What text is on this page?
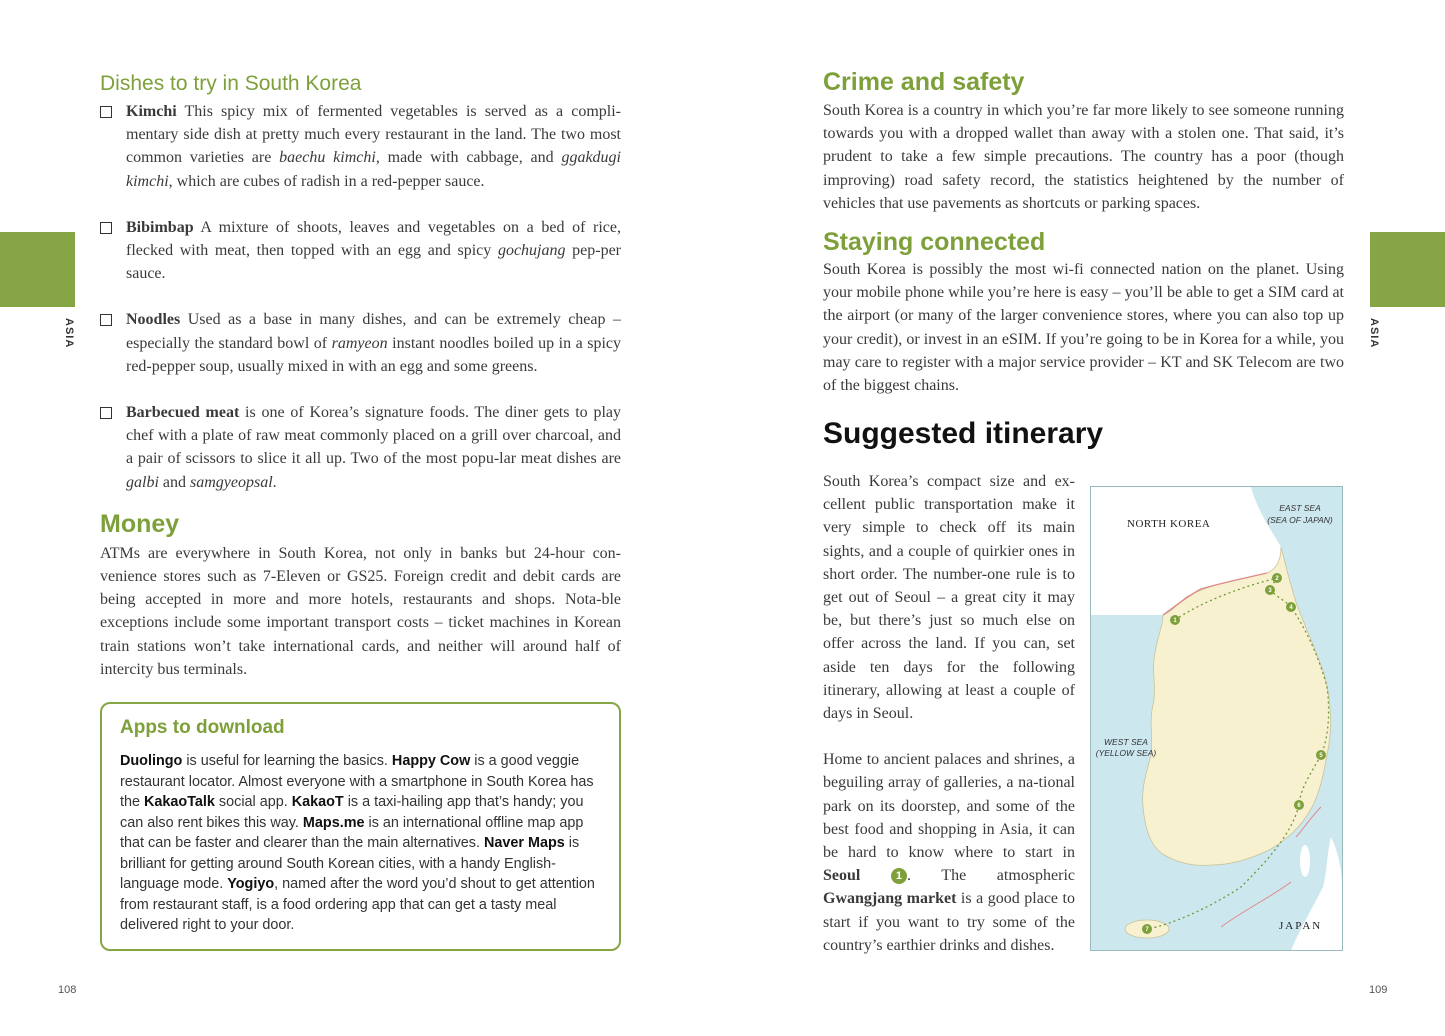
ASIA	ASIA
Dishes to try in South Korea

Kimchi This spicy mix of fermented vegetables is served as a compli-mentary side dish at pretty much every restaurant in the land. The two most common varieties are baechu kimchi, made with cabbage, and ggakdugi kimchi, which are cubes of radish in a red-pepper sauce.

Bibimbap A mixture of shoots, leaves and vegetables on a bed of rice, flecked with meat, then topped with an egg and spicy gochujang pep-per sauce.

Noodles Used as a base in many dishes, and can be extremely cheap – especially the standard bowl of ramyeon instant noodles boiled up in a spicy red-pepper soup, usually mixed in with an egg and some greens.

Barbecued meat is one of Korea’s signature foods. The diner gets to play chef with a plate of raw meat commonly placed on a grill over charcoal, and a pair of scissors to slice it all up. Two of the most popu-lar meat dishes are galbi and samgyeopsal.

Money

ATMs are everywhere in South Korea, not only in banks but 24-hour con-venience stores such as 7-Eleven or GS25. Foreign credit and debit cards are being accepted in more and more hotels, restaurants and shops. Nota-ble exceptions include some important transport costs – ticket machines in Korean train stations won’t take international cards, and neither will around half of intercity bus terminals.

Apps to download

Duolingo is useful for learning the basics. Happy Cow is a good veggie restaurant locator. Almost everyone with a smartphone in South Korea has the KakaoTalk social app. KakaoT is a taxi-hailing app that’s handy; you can also rent bikes this way. Maps.me is an international offline map app that can be faster and clearer than the main alternatives. Naver Maps is brilliant for getting around South Korean cities, with a handy English-language mode. Yogiyo, named after the word you’d shout to get attention from restaurant staff, is a food ordering app that can get a tasty meal delivered right to your door.

108
Crime and safety

South Korea is a country in which you’re far more likely to see someone running towards you with a dropped wallet than away with a stolen one. That said, it’s prudent to take a few simple precautions. The country has a poor (though improving) road safety record, the statistics heightened by the number of vehicles that use pavements as shortcuts or parking spaces.

Staying connected

South Korea is possibly the most wi-fi connected nation on the planet. Using your mobile phone while you’re here is easy – you’ll be able to get a SIM card at the airport (or many of the larger convenience stores, where you can also top up your credit), or invest in an eSIM. If you’re going to be in Korea for a while, you may care to register with a major service provider – KT and SK Telecom are two of the biggest chains.

Suggested itinerary

South Korea’s compact size and ex-cellent public transportation make it very simple to check off its main sights, and a couple of quirkier ones in short order. The number-one rule is to get out of Seoul – a great city it may be, but there’s just so much else on offer across the land. If you can, set aside ten days for the following itinerary, allowing at least a couple of days in Seoul.

Home to ancient palaces and shrines, a beguiling array of galleries, a na-tional park on its doorstep, and some of the best food and shopping in Asia, it can be hard to know where to start in Seoul	1 . The atmospheric Gwangjang market is a good place to start if you want to try some of the country’s earthier drinks and dishes.

1
2
3
4
5
6
7
NORTH KOREA
EAST SEA
(SEA OF JAPAN)
WEST SEA
(YELLOW SEA)
JAPAN
109
